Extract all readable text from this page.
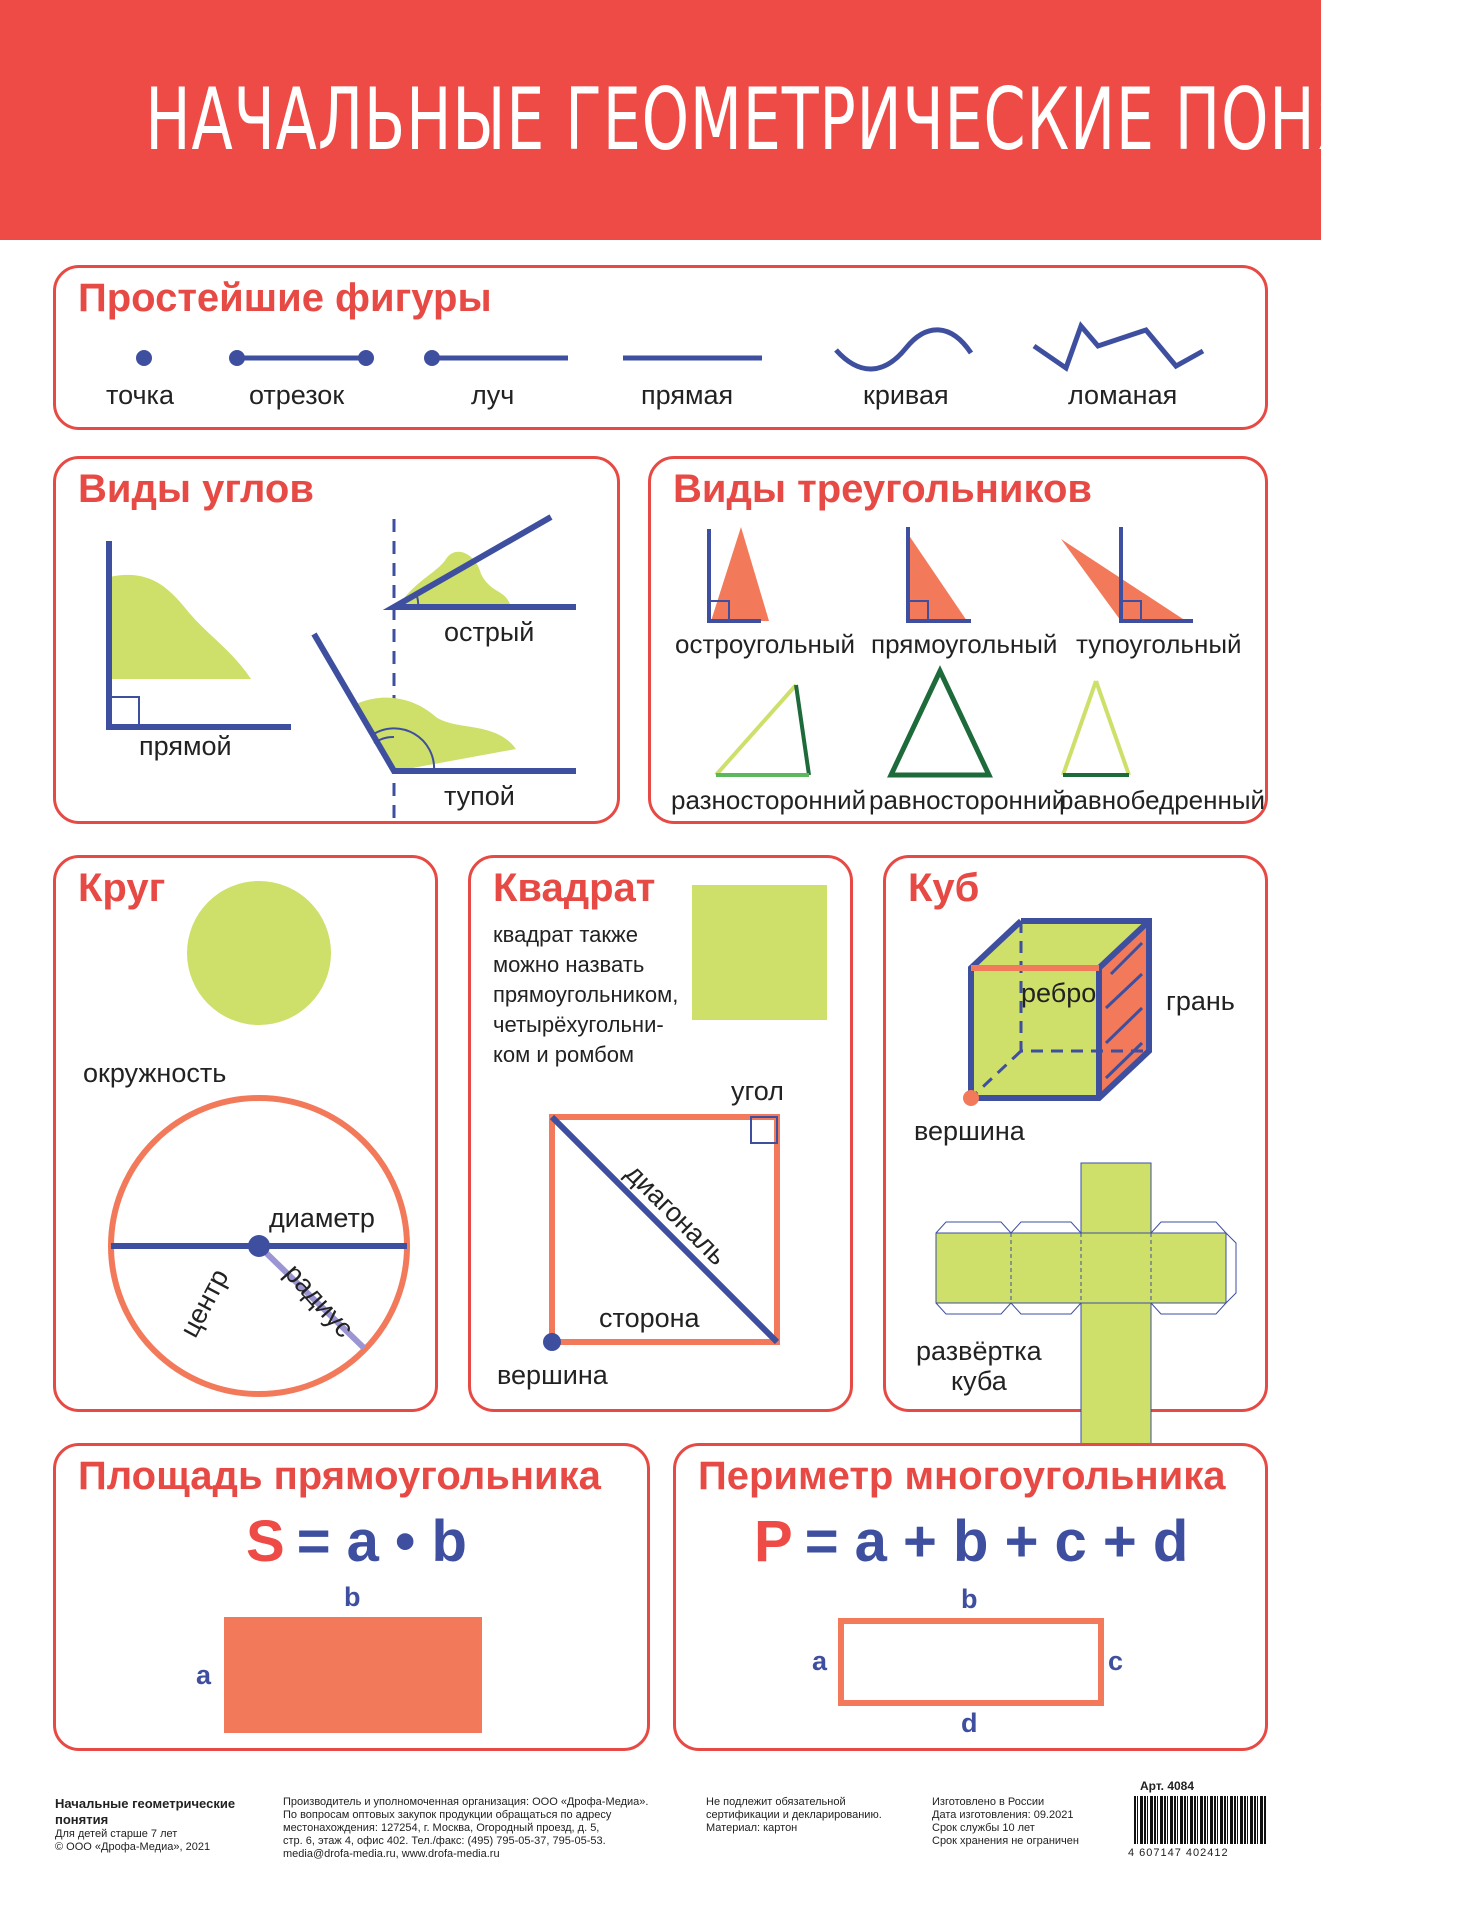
НАЧАЛЬНЫЕ ГЕОМЕТРИЧЕСКИЕ ПОНЯТИЯ
Простейшие фигуры
точка	отрезок	луч	прямая	кривая	ломаная
Виды углов
прямой
острый
тупой
Виды треугольников
остроугольный прямоугольный тупоугольный
разносторонний равносторонний
равнобедренный
Круг
окружность
диаметр
центр радиус
Квадрат
квадрат также
можно назвать
прямоугольником,
четырёхугольни-
ком и ромбом
угол
диагональ
сторона
вершина
Куб
ребро	грань
вершина
развёртка
куба
Площадь прямоугольника
S = a • b
b
a
Периметр многоугольника
P = a + b + c + d
b
a	c
d
Начальные геометрические
понятия
Для детей старше 7 лет
© ООО «Дрофа-Медиа», 2021
Производитель и уполномоченная организация: ООО «Дрофа-Медиа».
По вопросам оптовых закупок продукции обращаться по адресу
местонахождения: 127254, г. Москва, Огородный проезд, д. 5,
стр. 6, этаж 4, офис 402. Тел./факс: (495) 795-05-37, 795-05-53.
media@drofa-media.ru, www.drofa-media.ru
Не подлежит обязательной
сертификации и декларированию.
Материал: картон
Изготовлено в России
Дата изготовления: 09.2021
Срок службы 10 лет
Срок хранения не ограничен
Арт. 4084
4 607147 402412
